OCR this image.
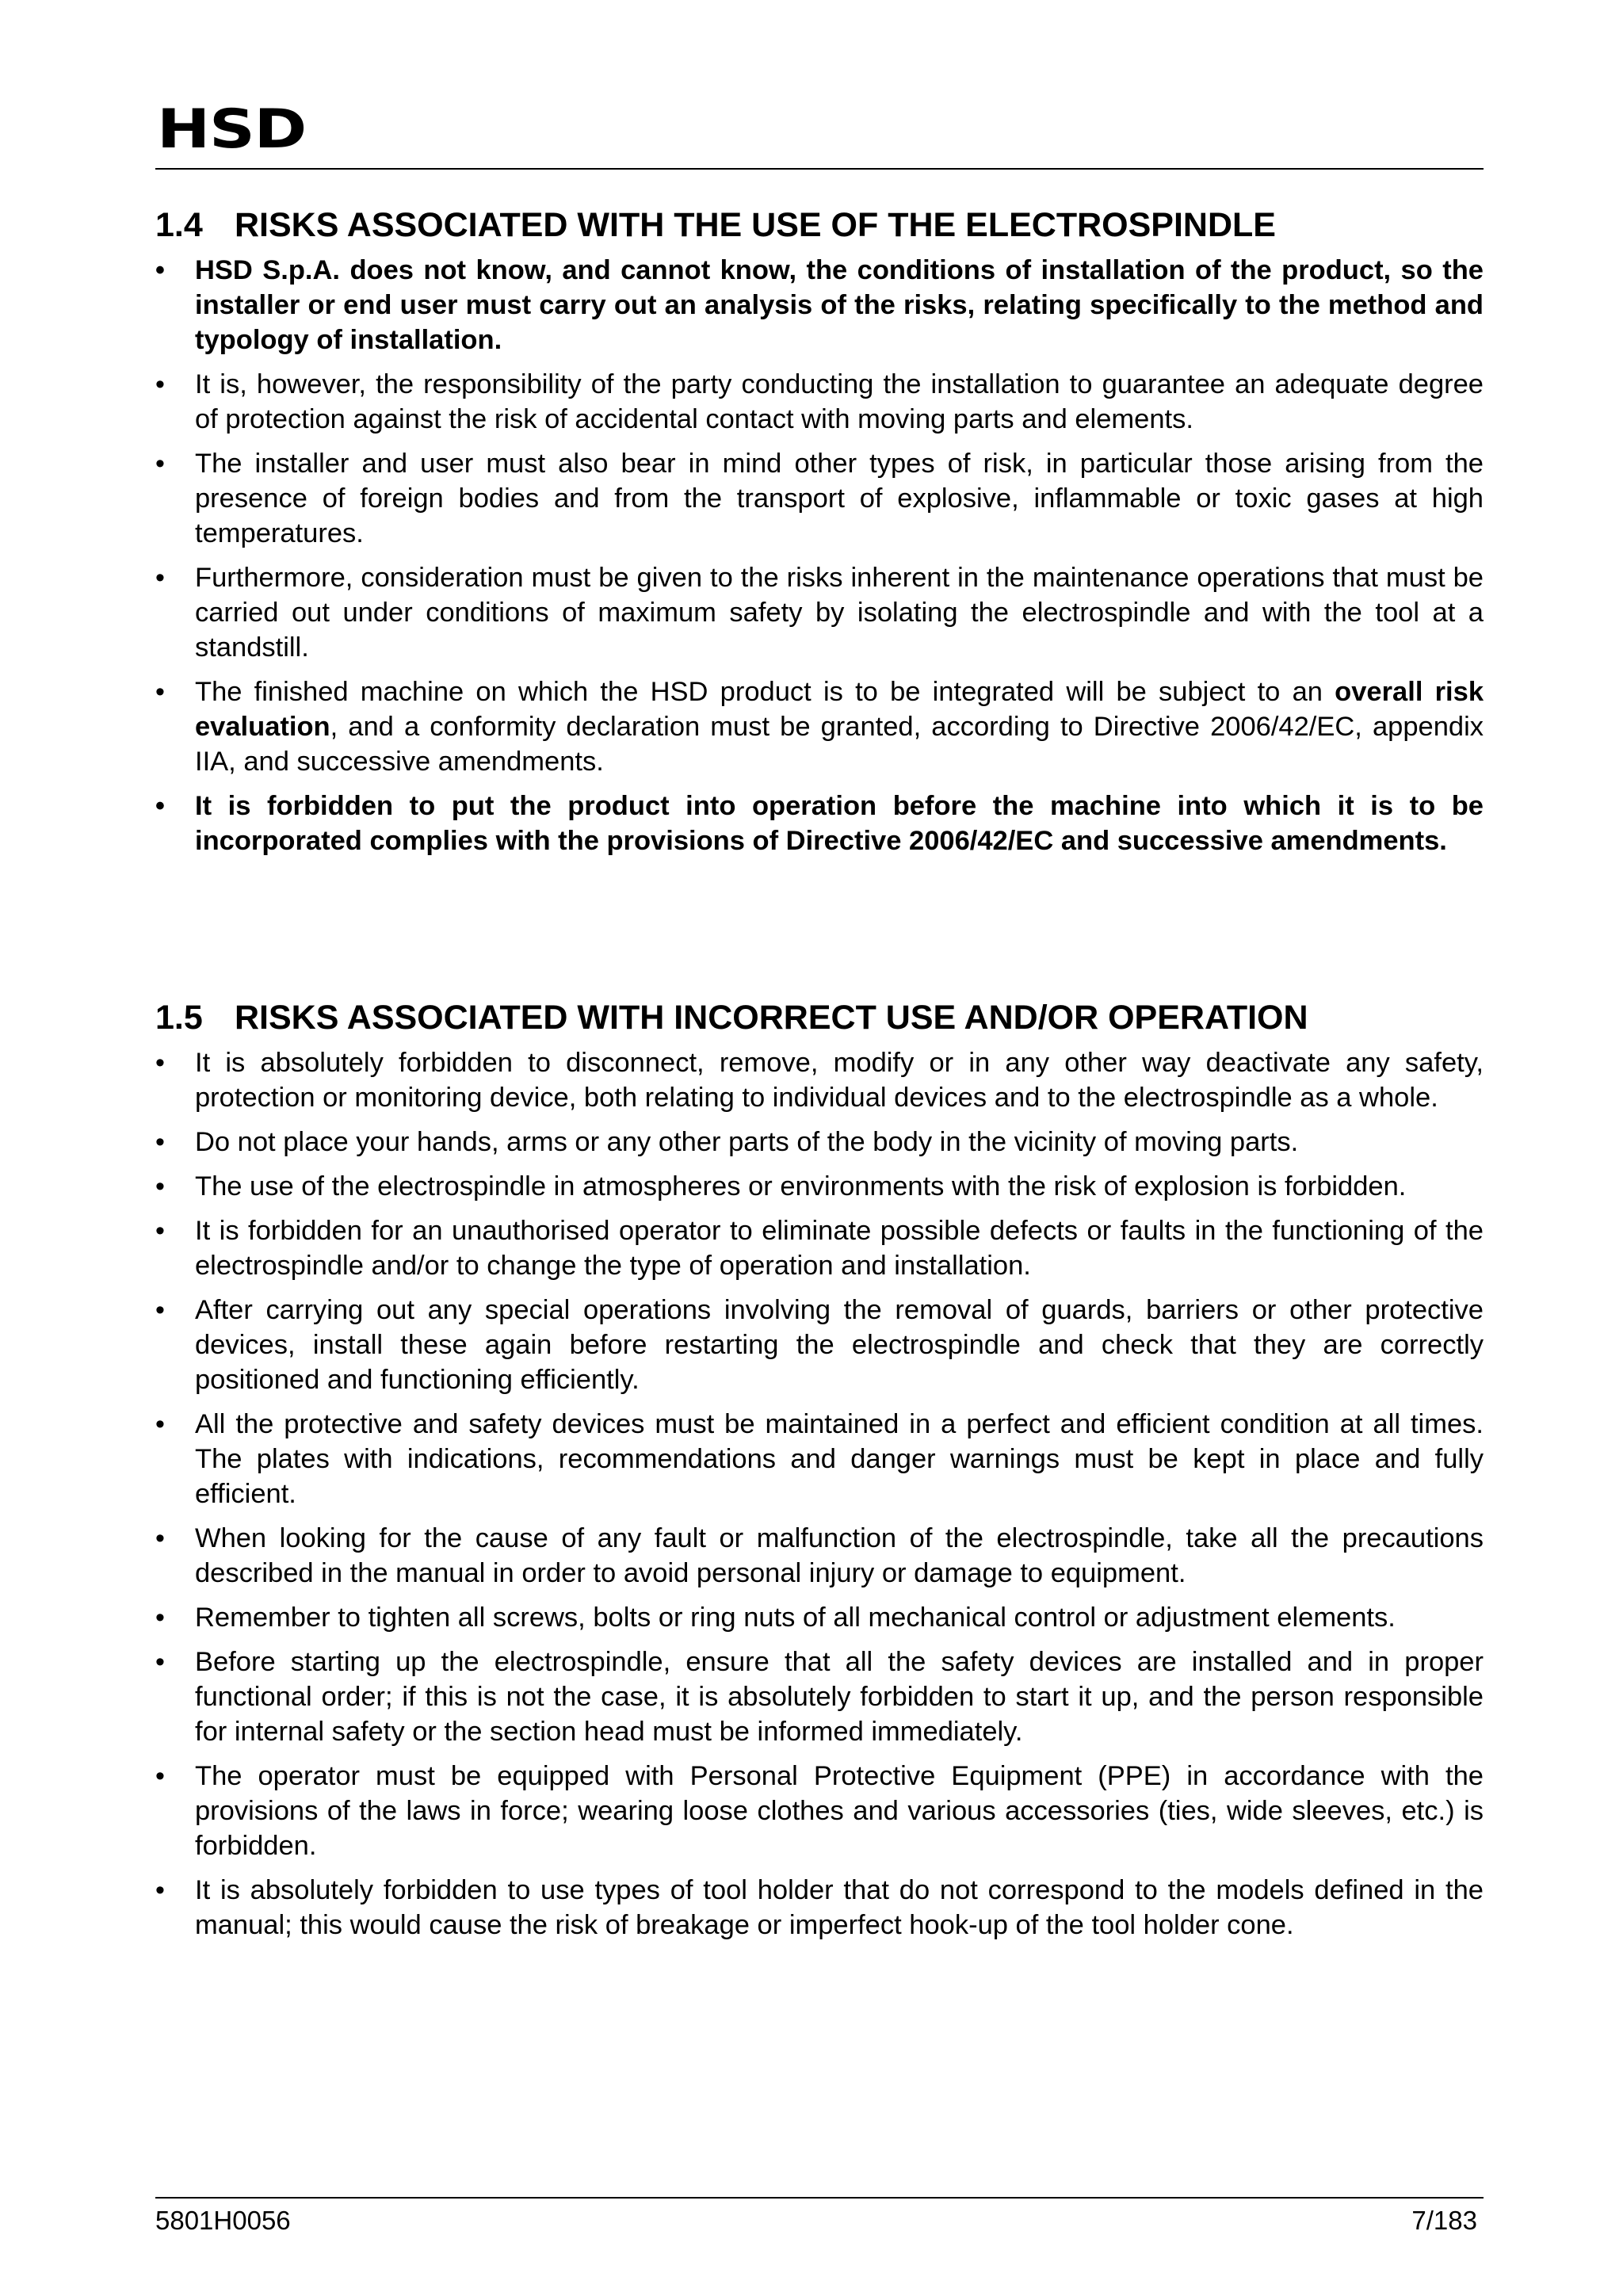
HSD
1.4 RISKS ASSOCIATED WITH THE USE OF THE ELECTROSPINDLE
• HSD S.p.A. does not know, and cannot know, the conditions of installation of the product, so the installer or end user must carry out an analysis of the risks, relating specifically to the method and typology of installation.
• It is, however, the responsibility of the party conducting the installation to guarantee an adequate degree of protection against the risk of accidental contact with moving parts and elements.
• The installer and user must also bear in mind other types of risk, in particular those arising from the presence of foreign bodies and from the transport of explosive, inflammable or toxic gases at high temperatures.
• Furthermore, consideration must be given to the risks inherent in the maintenance operations that must be carried out under conditions of maximum safety by isolating the electrospindle and with the tool at a standstill.
• The finished machine on which the HSD product is to be integrated will be subject to an overall risk evaluation, and a conformity declaration must be granted, according to Directive 2006/42/EC, appendix IIA, and successive amendments.
• It is forbidden to put the product into operation before the machine into which it is to be incorporated complies with the provisions of Directive 2006/42/EC and successive amendments.
1.5 RISKS ASSOCIATED WITH INCORRECT USE AND/OR OPERATION
• It is absolutely forbidden to disconnect, remove, modify or in any other way deactivate any safety, protection or monitoring device, both relating to individual devices and to the electrospindle as a whole.
• Do not place your hands, arms or any other parts of the body in the vicinity of moving parts.
• The use of the electrospindle in atmospheres or environments with the risk of explosion is forbidden.
• It is forbidden for an unauthorised operator to eliminate possible defects or faults in the functioning of the electrospindle and/or to change the type of operation and installation.
• After carrying out any special operations involving the removal of guards, barriers or other protective devices, install these again before restarting the electrospindle and check that they are correctly positioned and functioning efficiently.
• All the protective and safety devices must be maintained in a perfect and efficient condition at all times. The plates with indications, recommendations and danger warnings must be kept in place and fully efficient.
• When looking for the cause of any fault or malfunction of the electrospindle, take all the precautions described in the manual in order to avoid personal injury or damage to equipment.
• Remember to tighten all screws, bolts or ring nuts of all mechanical control or adjustment elements.
• Before starting up the electrospindle, ensure that all the safety devices are installed and in proper functional order; if this is not the case, it is absolutely forbidden to start it up, and the person responsible for internal safety or the section head must be informed immediately.
• The operator must be equipped with Personal Protective Equipment (PPE) in accordance with the provisions of the laws in force; wearing loose clothes and various accessories (ties, wide sleeves, etc.) is forbidden.
• It is absolutely forbidden to use types of tool holder that do not correspond to the models defined in the manual; this would cause the risk of breakage or imperfect hook-up of the tool holder cone.
5801H0056	7/183
